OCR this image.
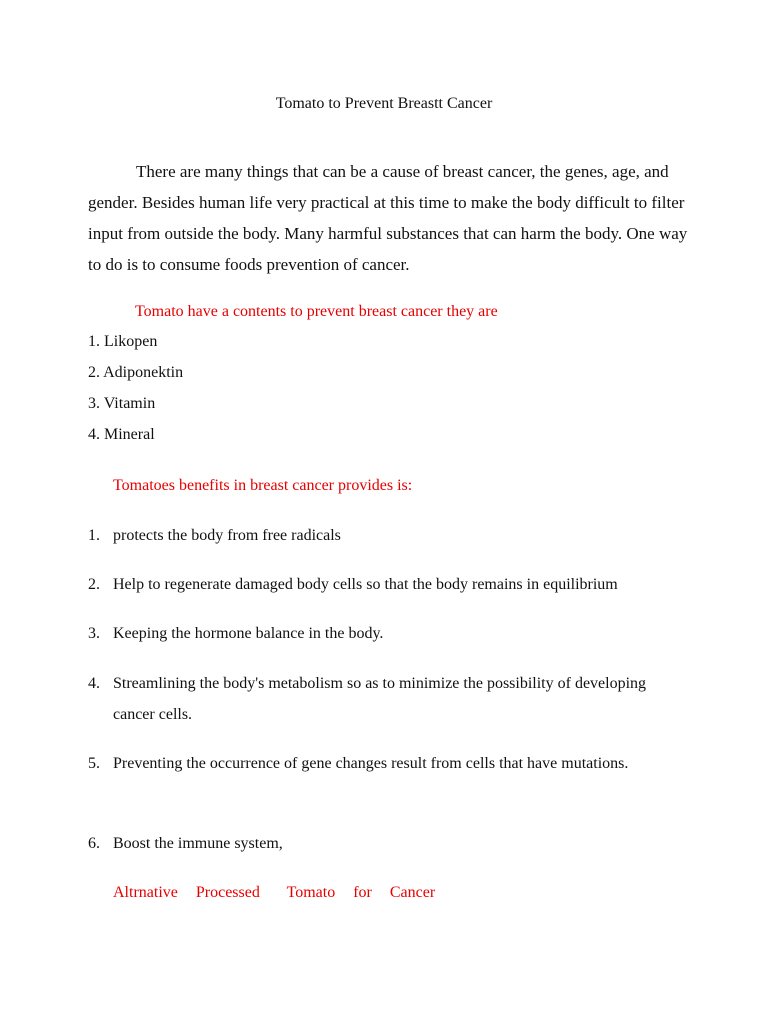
Tomato to Prevent Breastt Cancer

There are many things that can be a cause of breast cancer, the genes, age, and gender. Besides human life very practical at this time to make the body difficult to filter input from outside the body. Many harmful substances that can harm the body. One way to do is to consume foods prevention of cancer.

Tomato have a contents to prevent breast cancer they are
1. Likopen
2. Adiponektin
3. Vitamin
4. Mineral
Tomatoes benefits in breast cancer provides is:
1. protects the body from free radicals
2. Help to regenerate damaged body cells so that the body remains in equilibrium
3. Keeping the hormone balance in the body.
4. Streamlining the body's metabolism so as to minimize the possibility of developing cancer cells.
5. Preventing the occurrence of gene changes result from cells that have mutations.
6. Boost the immune system,
Altrnative  Processed   Tomato  for  Cancer
